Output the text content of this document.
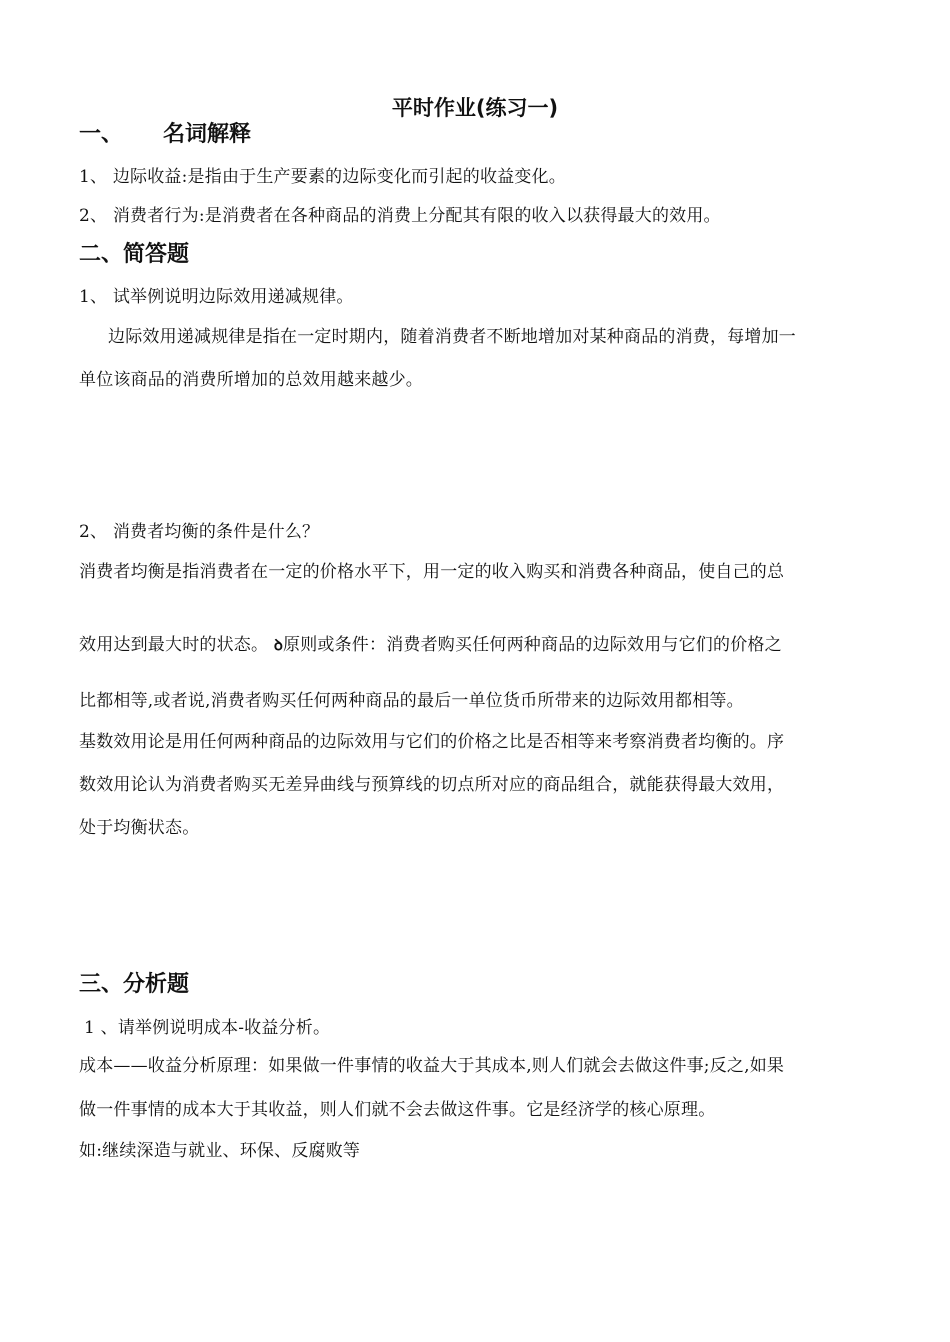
平时作业(练习一)
一、 名词解释
1、 边际收益:是指由于生产要素的边际变化而引起的收益变化。
2、 消费者行为:是消费者在各种商品的消费上分配其有限的收入以获得最大的效用。
二、简答题
1、 试举例说明边际效用递减规律。
边际效用递减规律是指在一定时期内，随着消费者不断地增加对某种商品的消费，每增加一
单位该商品的消费所增加的总效用越来越少。
2、 消费者均衡的条件是什么？
消费者均衡是指消费者在一定的价格水平下，用一定的收入购买和消费各种商品，使自己的总
效用达到最大时的状态。 ꝺ原则或条件：消费者购买任何两种商品的边际效用与它们的价格之
比都相等,或者说,消费者购买任何两种商品的最后一单位货币所带来的边际效用都相等。
基数效用论是用任何两种商品的边际效用与它们的价格之比是否相等来考察消费者均衡的。序
数效用论认为消费者购买无差异曲线与预算线的切点所对应的商品组合，就能获得最大效用，
处于均衡状态。
三、分析题
1 、请举例说明成本-收益分析。
成本——收益分析原理：如果做一件事情的收益大于其成本,则人们就会去做这件事;反之,如果
做一件事情的成本大于其收益，则人们就不会去做这件事。它是经济学的核心原理。
如:继续深造与就业、环保、反腐败等
